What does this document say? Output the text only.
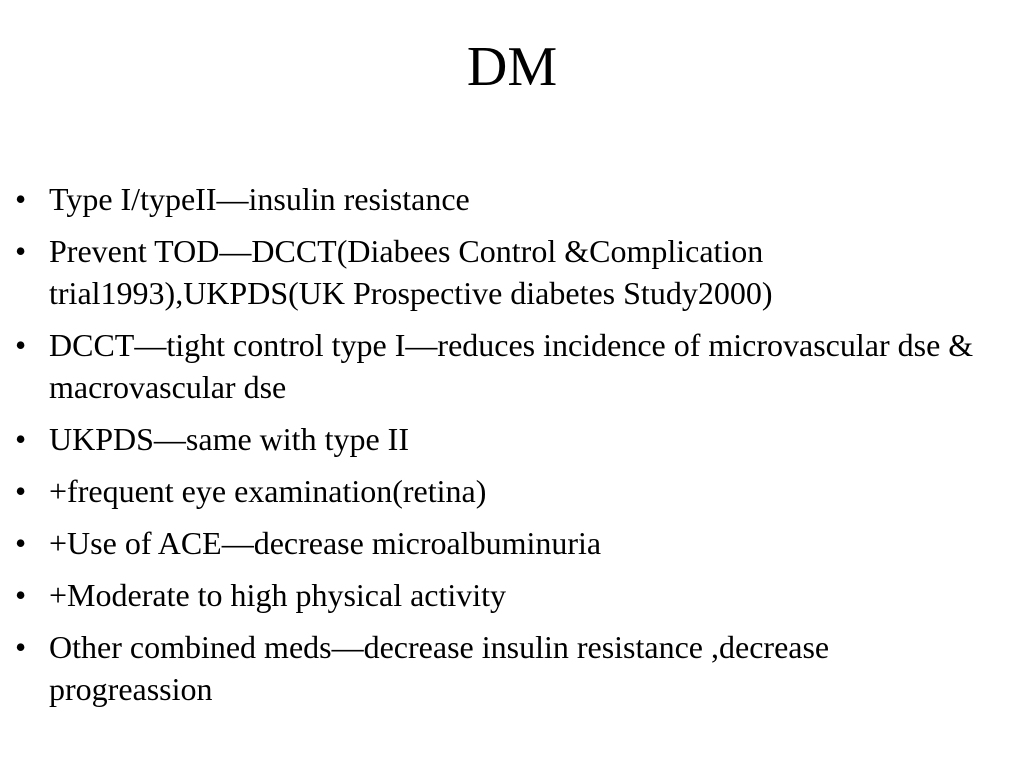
DM
• Type I/typeII—insulin resistance
• Prevent TOD—DCCT(Diabees Control &Complication trial1993),UKPDS(UK Prospective diabetes Study2000)
• DCCT—tight control type I—reduces incidence of microvascular dse & macrovascular dse
• UKPDS—same with type II
• +frequent eye examination(retina)
• +Use of ACE—decrease microalbuminuria
• +Moderate to high physical activity
• Other combined meds—decrease insulin resistance ,decrease progreassion
